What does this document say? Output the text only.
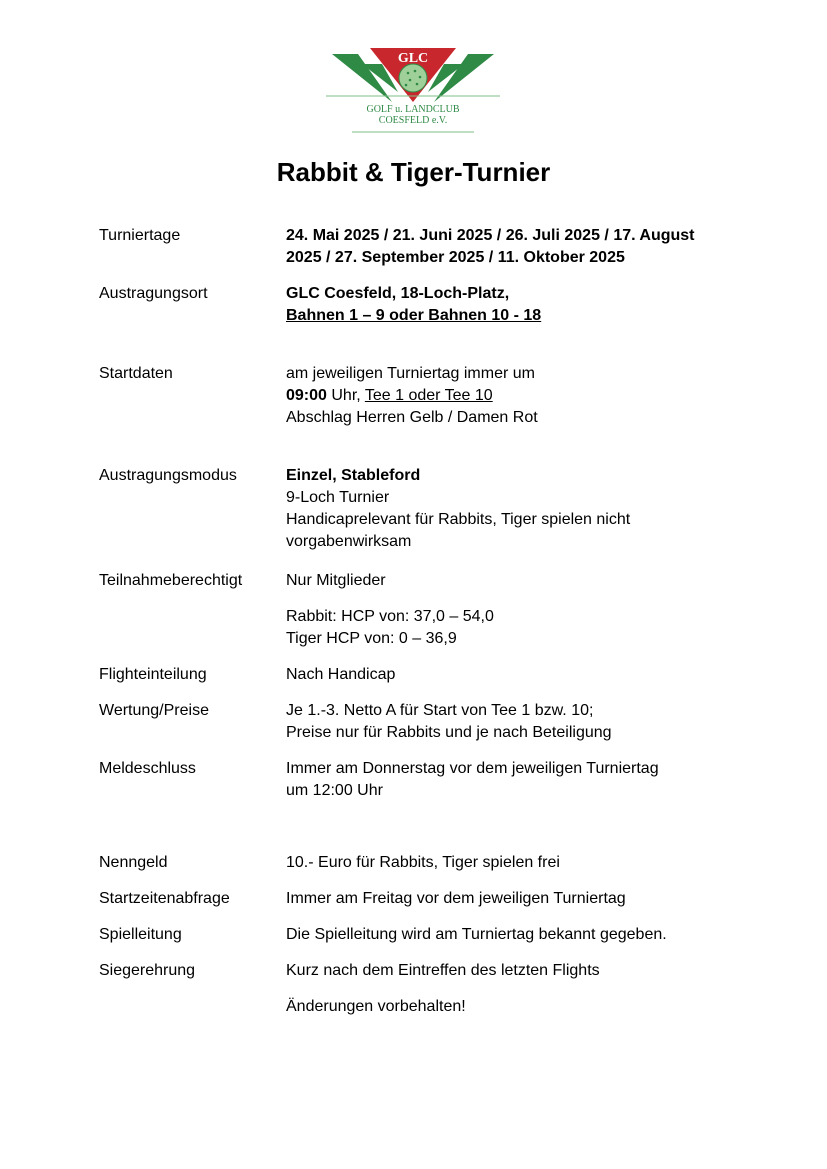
GLC
GOLF u. LANDCLUB
COESFELD e.V.
Rabbit & Tiger-Turnier
Turniertage	24. Mai 2025 / 21. Juni 2025 / 26. Juli 2025 / 17. August
2025 / 27. September 2025 / 11. Oktober 2025
Austragungsort	GLC Coesfeld, 18-Loch-Platz,
Bahnen 1 – 9 oder Bahnen 10 - 18
Startdaten	am jeweiligen Turniertag immer um
09:00 Uhr, Tee 1 oder Tee 10
Abschlag Herren Gelb / Damen Rot
Austragungsmodus	Einzel, Stableford
9-Loch Turnier
Handicaprelevant für Rabbits, Tiger spielen nicht
vorgabenwirksam
Teilnahmeberechtigt	Nur Mitglieder
Rabbit: HCP von: 37,0 – 54,0
Tiger HCP von: 0 – 36,9
Flighteinteilung	Nach Handicap
Wertung/Preise	Je 1.-3. Netto A für Start von Tee 1 bzw. 10;
Preise nur für Rabbits und je nach Beteiligung
Meldeschluss	Immer am Donnerstag vor dem jeweiligen Turniertag
um 12:00 Uhr
Nenngeld	10.- Euro für Rabbits, Tiger spielen frei
Startzeitenabfrage	Immer am Freitag vor dem jeweiligen Turniertag
Spielleitung	Die Spielleitung wird am Turniertag bekannt gegeben.
Siegerehrung	Kurz nach dem Eintreffen des letzten Flights
Änderungen vorbehalten!
